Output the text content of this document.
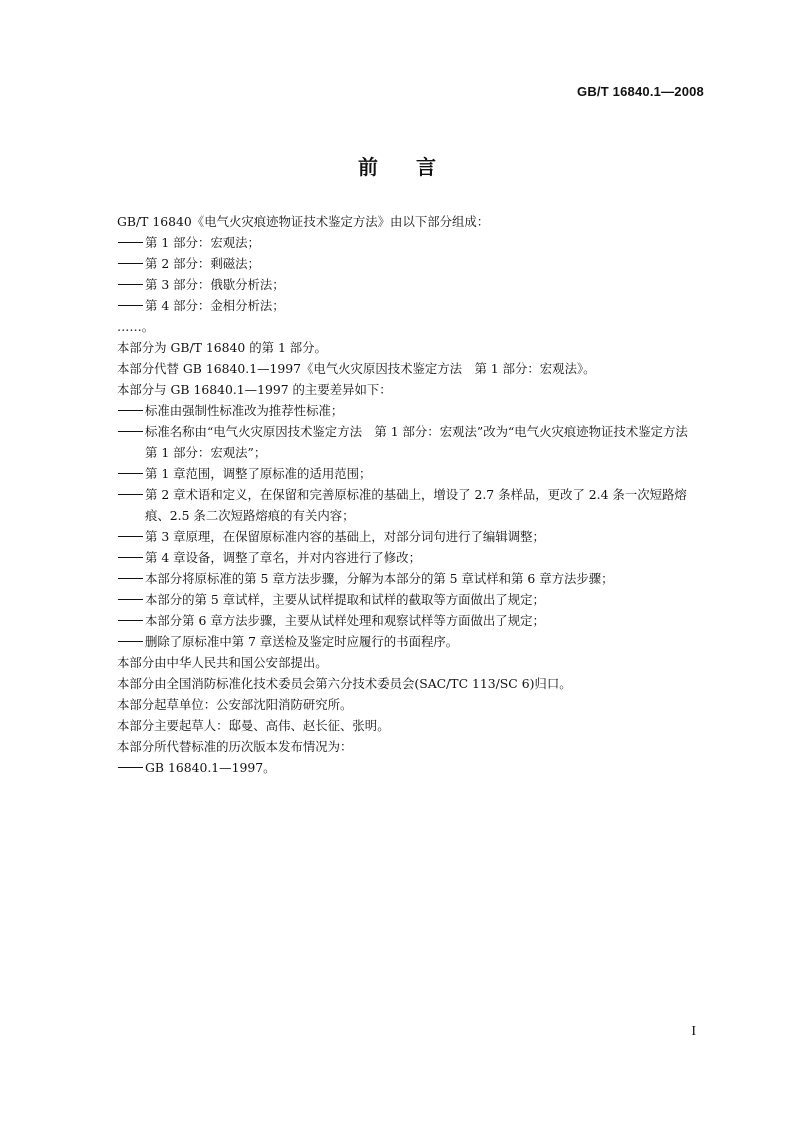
GB/T 16840.1—2008
前言

GB/T 16840《电气火灾痕迹物证技术鉴定方法》由以下部分组成：

第 1 部分：宏观法；
第 2 部分：剩磁法；
第 3 部分：俄歇分析法；
第 4 部分：金相分析法；

……。

本部分为 GB/T 16840 的第 1 部分。

本部分代替 GB 16840.1—1997《电气火灾原因技术鉴定方法　第 1 部分：宏观法》。

本部分与 GB 16840.1—1997 的主要差异如下：

标准由强制性标准改为推荐性标准；
标准名称由“电气火灾原因技术鉴定方法　第 1 部分：宏观法”改为“电气火灾痕迹物证技术鉴定方法　第 1 部分：宏观法”；
第 1 章范围，调整了原标准的适用范围；
第 2 章术语和定义，在保留和完善原标准的基础上，增设了 2.7 条样品，更改了 2.4 条一次短路熔痕、2.5 条二次短路熔痕的有关内容；
第 3 章原理，在保留原标准内容的基础上，对部分词句进行了编辑调整；
第 4 章设备，调整了章名，并对内容进行了修改；
本部分将原标准的第 5 章方法步骤，分解为本部分的第 5 章试样和第 6 章方法步骤；
本部分的第 5 章试样，主要从试样提取和试样的截取等方面做出了规定；
本部分第 6 章方法步骤，主要从试样处理和观察试样等方面做出了规定；
删除了原标准中第 7 章送检及鉴定时应履行的书面程序。

本部分由中华人民共和国公安部提出。

本部分由全国消防标准化技术委员会第六分技术委员会(SAC/TC 113/SC 6)归口。

本部分起草单位：公安部沈阳消防研究所。

本部分主要起草人：邸曼、高伟、赵长征、张明。

本部分所代替标准的历次版本发布情况为：

GB 16840.1—1997。
I
